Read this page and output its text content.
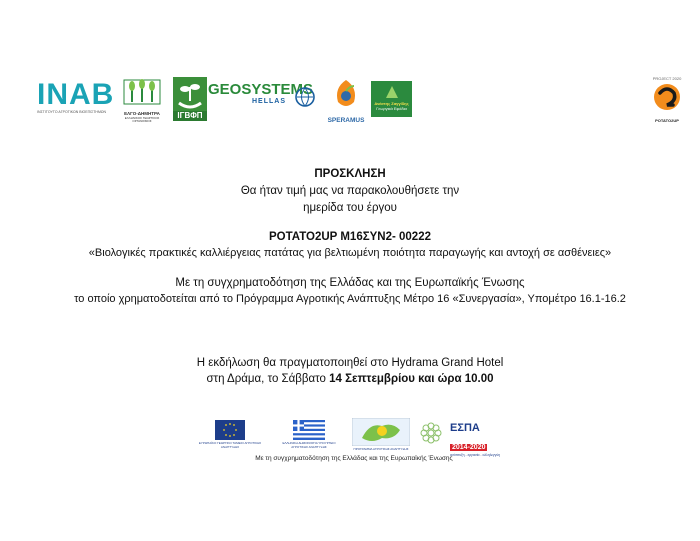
INAB
ΙΝΣΤΙΤΟΥΤΟ ΑΓΡΟΤΙΚΩΝ ΒΙΟΕΠΙΣΤΗΜΩΝ	ΕΛΓΟ-ΔΗΜΗΤΡΑ
ΕΛΛΗΝΙΚΟΣ ΓΕΩΡΓΙΚΟΣ ΟΡΓΑΝΙΣΜΟΣ
ΙΓΒΦΠ
GEOSYSTEMS
HELLAS
SPERAMUS
Ανέστης Ζαγγίδης
Γεωργικά Εφόδια
PROJECT 2020
POTATO2UP
ΠΡΟΣΚΛΗΣΗ
Θα ήταν τιμή μας να παρακολουθήσετε την
ημερίδα του έργου
POTATO2UP M16ΣΥΝ2- 00222
«Βιολογικές πρακτικές καλλιέργειας πατάτας για βελτιωμένη ποιότητα παραγωγής και αντοχή σε ασθένειες»
Με τη συγχρηματοδότηση της Ελλάδας και της Ευρωπαϊκής Ένωσης
το οποίο χρηματοδοτείται από το Πρόγραμμα Αγροτικής Ανάπτυξης Μέτρο 16 «Συνεργασία», Υπομέτρο 16.1-16.2
Η εκδήλωση θα πραγματοποιηθεί στο Hydrama Grand Hotel
στη Δράμα, το Σάββατο 14 Σεπτεμβρίου και ώρα 10.00
ΕΥΡΩΠΑΪΚΟ ΓΕΩΡΓΙΚΟ ΤΑΜΕΙΟ ΑΓΡΟΤΙΚΗΣ ΑΝΑΠΤΥΞΗΣ
ΕΛΛΗΝΙΚΗ ΔΗΜΟΚΡΑΤΙΑ ΥΠΟΥΡΓΕΙΟ ΑΓΡΟΤΙΚΗΣ ΑΝΑΠΤΥΞΗΣ
ΠΡΟΓΡΑΜΜΑ ΑΓΡΟΤΙΚΗΣ ΑΝΑΠΤΥΞΗΣ
ΕΣΠΑ
2014-2020
ανάπτυξη - εργασία - αλληλεγγύη
Με τη συγχρηματοδότηση της Ελλάδας και της Ευρωπαϊκής Ένωσης
